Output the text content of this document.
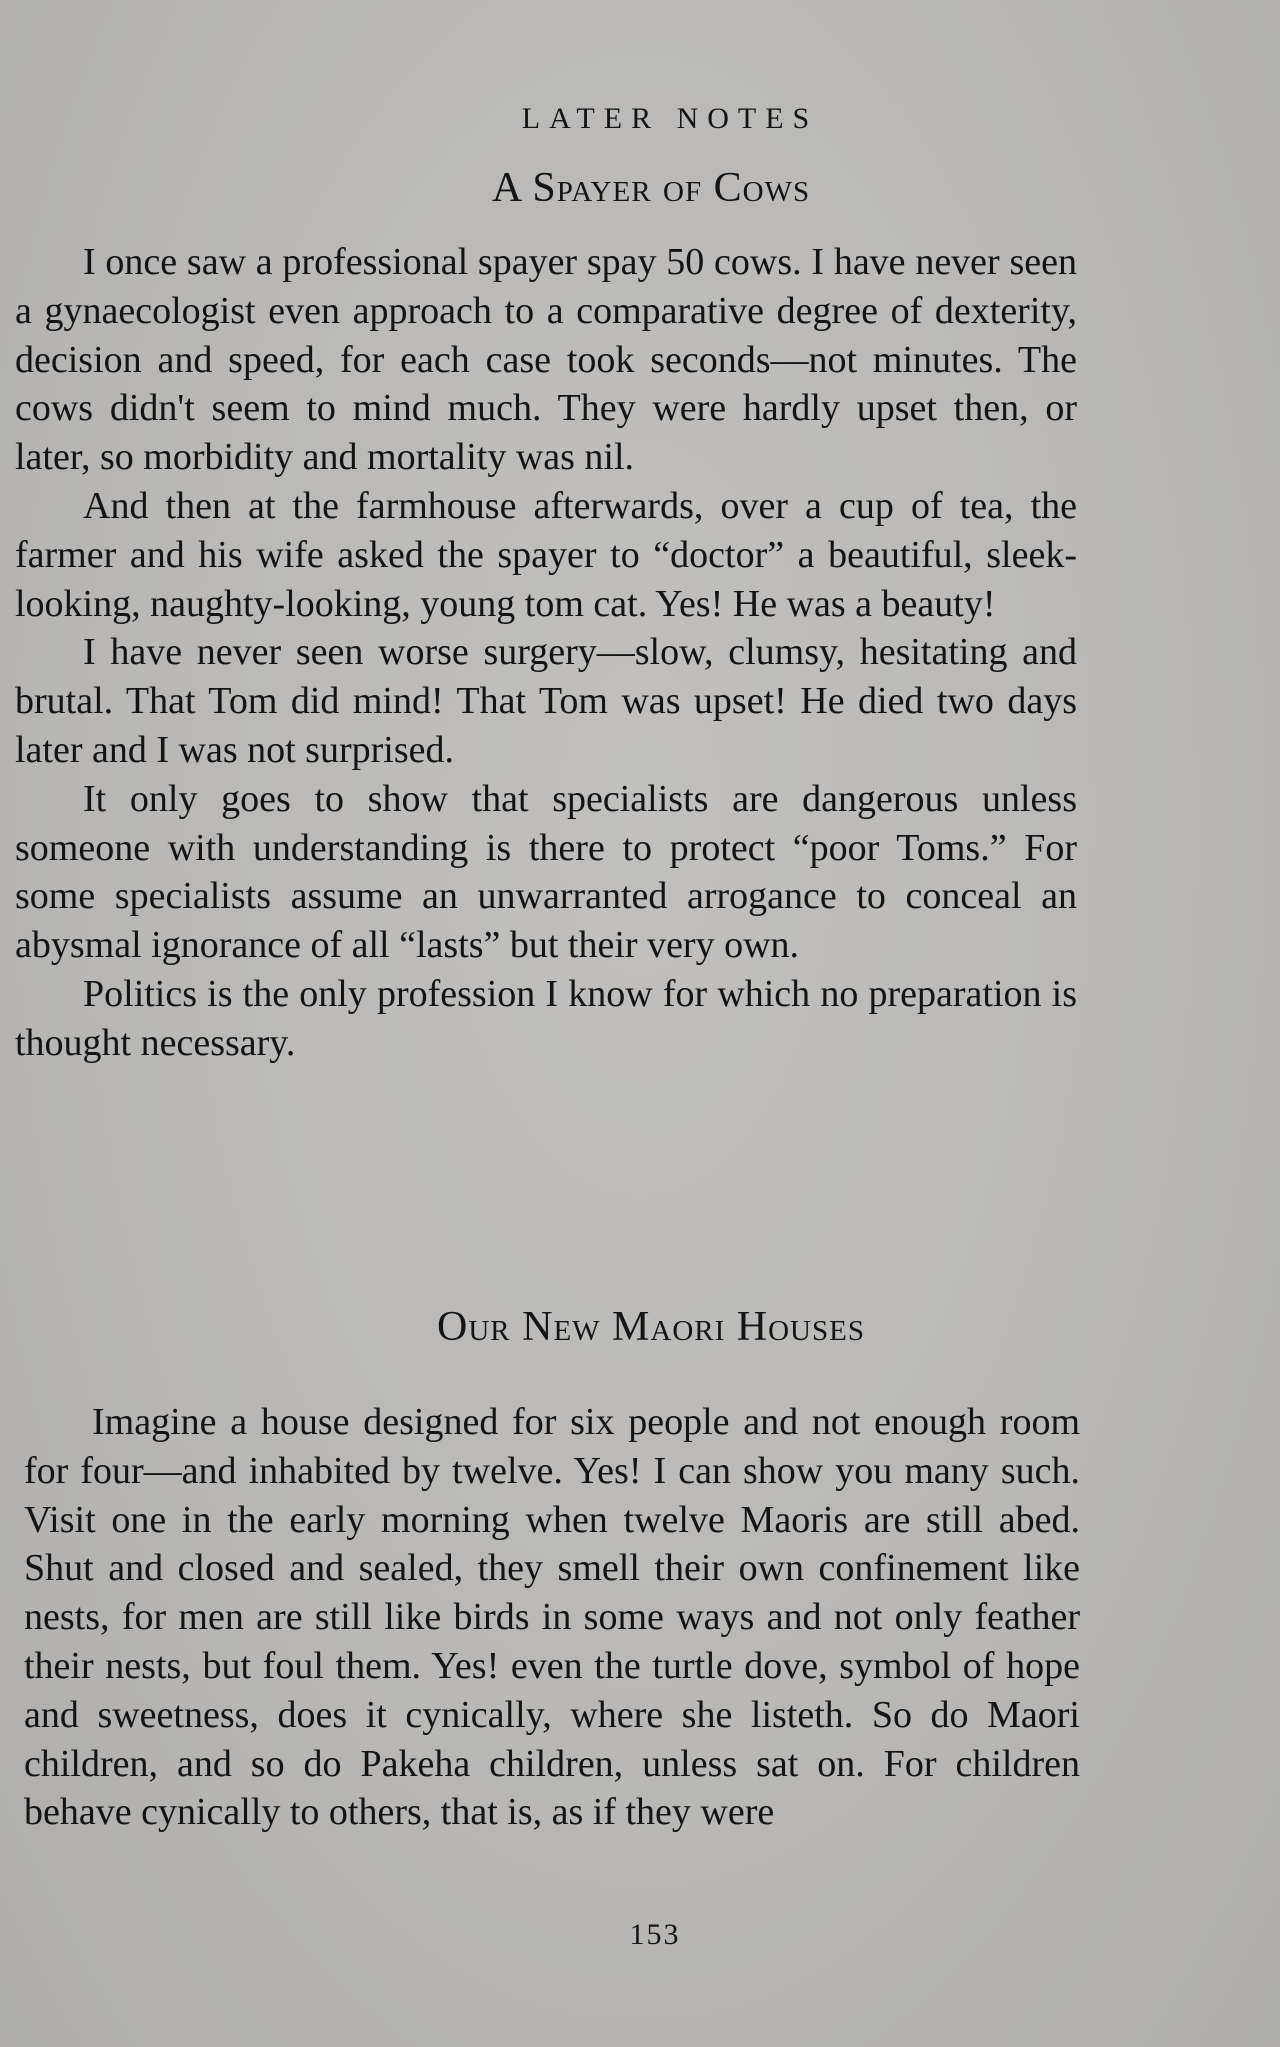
LATER NOTES
A Spayer of Cows

I once saw a professional spayer spay 50 cows. I have never seen a gynaecologist even approach to a comparative degree of dexterity, decision and speed, for each case took seconds—not minutes. The cows didn't seem to mind much. They were hardly upset then, or later, so morbidity and mortality was nil.

And then at the farmhouse afterwards, over a cup of tea, the farmer and his wife asked the spayer to “doctor” a beautiful, sleek-looking, naughty-looking, young tom cat. Yes! He was a beauty!

I have never seen worse surgery—slow, clumsy, hesitating and brutal. That Tom did mind! That Tom was upset! He died two days later and I was not surprised.

It only goes to show that specialists are dangerous unless someone with understanding is there to protect “poor Toms.” For some specialists assume an unwarranted arrogance to conceal an abysmal ignorance of all “lasts” but their very own.

Politics is the only profession I know for which no preparation is thought necessary.

Our New Maori Houses

Imagine a house designed for six people and not enough room for four—and inhabited by twelve. Yes! I can show you many such. Visit one in the early morning when twelve Maoris are still abed. Shut and closed and sealed, they smell their own confinement like nests, for men are still like birds in some ways and not only feather their nests, but foul them. Yes! even the turtle dove, symbol of hope and sweetness, does it cynically, where she listeth. So do Maori children, and so do Pakeha children, unless sat on. For children behave cynically to others, that is, as if they were

153
